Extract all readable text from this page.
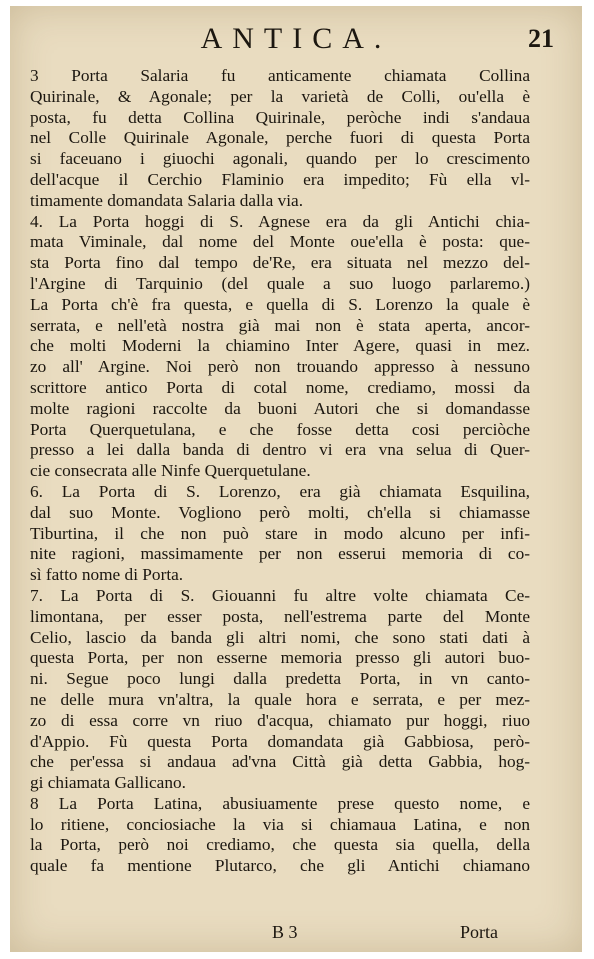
ANTICA.	21
3 Porta Salaria fu anticamente chiamata Collina
Quirinale, & Agonale; per la varietà de Colli, ou'ella è
posta, fu detta Collina Quirinale, peròche indi s'andaua
nel Colle Quirinale Agonale, perche fuori di questa Porta
si faceuano i giuochi agonali, quando per lo crescimento
dell'acque il Cerchio Flaminio era impedito; Fù ella vl-
timamente domandata Salaria dalla via.
4. La Porta hoggi di S. Agnese era da gli Antichi chia-
mata Viminale, dal nome del Monte oue'ella è posta: que-
sta Porta fino dal tempo de'Re, era situata nel mezzo del-
l'Argine di Tarquinio (del quale a suo luogo parlaremo.)
La Porta ch'è fra questa, e quella di S. Lorenzo la quale è
serrata, e nell'età nostra già mai non è stata aperta, ancor-
che molti Moderni la chiamino Inter Agere, quasi in mez.
zo all' Argine. Noi però non trouando appresso à nessuno
scrittore antico Porta di cotal nome, crediamo, mossi da
molte ragioni raccolte da buoni Autori che si domandasse
Porta Querquetulana, e che fosse detta cosi perciòche
presso a lei dalla banda di dentro vi era vna selua di Quer-
cie consecrata alle Ninfe Querquetulane.
6. La Porta di S. Lorenzo, era già chiamata Esquilina,
dal suo Monte. Vogliono però molti, ch'ella si chiamasse
Tiburtina, il che non può stare in modo alcuno per infi-
nite ragioni, massimamente per non esserui memoria di co-
sì fatto nome di Porta.
7. La Porta di S. Giouanni fu altre volte chiamata Ce-
limontana, per esser posta, nell'estrema parte del Monte
Celio, lascio da banda gli altri nomi, che sono stati dati à
questa Porta, per non esserne memoria presso gli autori buo-
ni. Segue poco lungi dalla predetta Porta, in vn canto-
ne delle mura vn'altra, la quale hora e serrata, e per mez-
zo di essa corre vn riuo d'acqua, chiamato pur hoggi, riuo
d'Appio. Fù questa Porta domandata già Gabbiosa, però-
che per'essa si andaua ad'vna Città già detta Gabbia, hog-
gi chiamata Gallicano.
8 La Porta Latina, abusiuamente prese questo nome, e
lo ritiene, conciosiache la via si chiamaua Latina, e non
la Porta, però noi crediamo, che questa sia quella, della
quale fa mentione Plutarco, che gli Antichi chiamano
B 3	Porta
